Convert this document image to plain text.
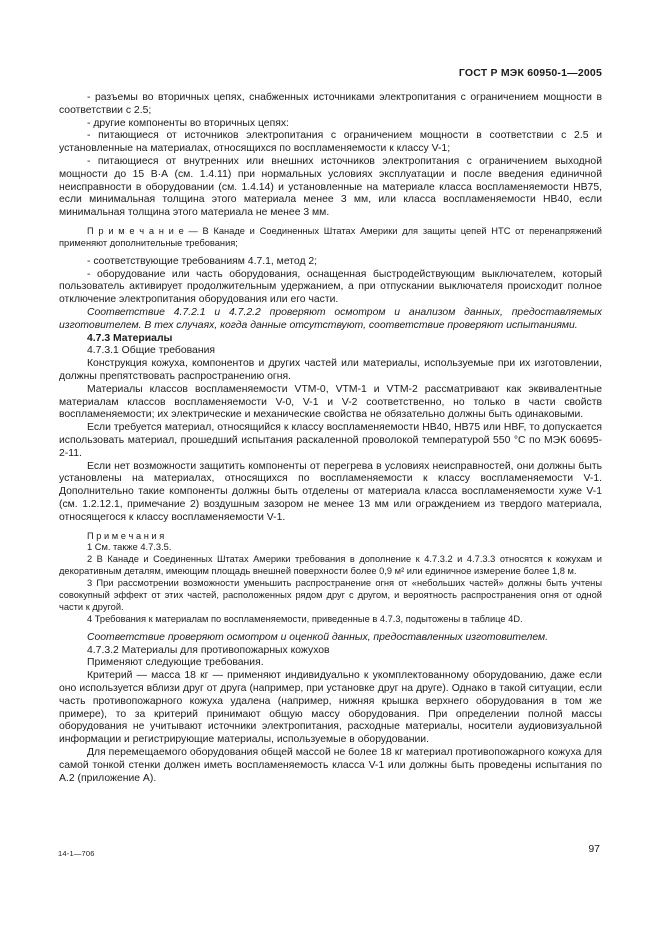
ГОСТ Р МЭК 60950-1—2005

- разъемы во вторичных цепях, снабженных источниками электропитания с ограничением мощности в соответствии с 2.5;

- другие компоненты во вторичных цепях:

- питающиеся от источников электропитания с ограничением мощности в соответствии с 2.5 и установленные на материалах, относящихся по воспламеняемости к классу V-1;

- питающиеся от внутренних или внешних источников электропитания с ограничением выходной мощности до 15 В·А (см. 1.4.11) при нормальных условиях эксплуатации и после введения единичной неисправности в оборудовании (см. 1.4.14) и установленные на материале класса воспламеняемости НВ75, если минимальная толщина этого материала менее 3 мм, или класса воспламеняемости НВ40, если минимальная толщина этого материала не менее 3 мм.

П р и м е ч а н и е — В Канаде и Соединенных Штатах Америки для защиты цепей НТС от перенапряжений применяют дополнительные требования;

- соответствующие требованиям 4.7.1, метод 2;

- оборудование или часть оборудования, оснащенная быстродействующим выключателем, который пользователь активирует продолжительным удержанием, а при отпускании выключателя происходит полное отключение электропитания оборудования или его части.

Соответствие 4.7.2.1 и 4.7.2.2 проверяют осмотром и анализом данных, предоставляемых изготовителем. В тех случаях, когда данные отсутствуют, соответствие проверяют испытаниями.

4.7.3 Материалы

4.7.3.1 Общие требования

Конструкция кожуха, компонентов и других частей или материалы, используемые при их изготовлении, должны препятствовать распространению огня.

Материалы классов воспламеняемости VTM-0, VTM-1 и VTM-2 рассматривают как эквивалентные материалам классов воспламеняемости V-0, V-1 и V-2 соответственно, но только в части свойств воспламеняемости; их электрические и механические свойства не обязательно должны быть одинаковыми.

Если требуется материал, относящийся к классу воспламеняемости НВ40, НВ75 или HBF, то допускается использовать материал, прошедший испытания раскаленной проволокой температурой 550 °С по МЭК 60695-2-11.

Если нет возможности защитить компоненты от перегрева в условиях неисправностей, они должны быть установлены на материалах, относящихся по воспламеняемости к классу воспламеняемости V-1. Дополнительно такие компоненты должны быть отделены от материала класса воспламеняемости хуже V-1 (см. 1.2.12.1, примечание 2) воздушным зазором не менее 13 мм или ограждением из твердого материала, относящегося к классу воспламеняемости V-1.

П р и м е ч а н и я

1 См. также 4.7.3.5.

2 В Канаде и Соединенных Штатах Америки требования в дополнение к 4.7.3.2 и 4.7.3.3 относятся к кожухам и декоративным деталям, имеющим площадь внешней поверхности более 0,9 м² или единичное измерение более 1,8 м.

3 При рассмотрении возможности уменьшить распространение огня от «небольших частей» должны быть учтены совокупный эффект от этих частей, расположенных рядом друг с другом, и вероятность распространения огня от одной части к другой.

4 Требования к материалам по воспламеняемости, приведенные в 4.7.3, подытожены в таблице 4D.

Соответствие проверяют осмотром и оценкой данных, предоставленных изготовителем.

4.7.3.2 Материалы для противопожарных кожухов

Применяют следующие требования.

Критерий — масса 18 кг — применяют индивидуально к укомплектованному оборудованию, даже если оно используется вблизи друг от друга (например, при установке друг на друге). Однако в такой ситуации, если часть противопожарного кожуха удалена (например, нижняя крышка верхнего оборудования в том же примере), то за критерий принимают общую массу оборудования. При определении полной массы оборудования не учитывают источники электропитания, расходные материалы, носители аудиовизуальной информации и регистрирующие материалы, используемые в оборудовании.

Для перемещаемого оборудования общей массой не более 18 кг материал противопожарного кожуха для самой тонкой стенки должен иметь воспламеняемость класса V-1 или должны быть проведены испытания по А.2 (приложение А).

14-1—706	97
